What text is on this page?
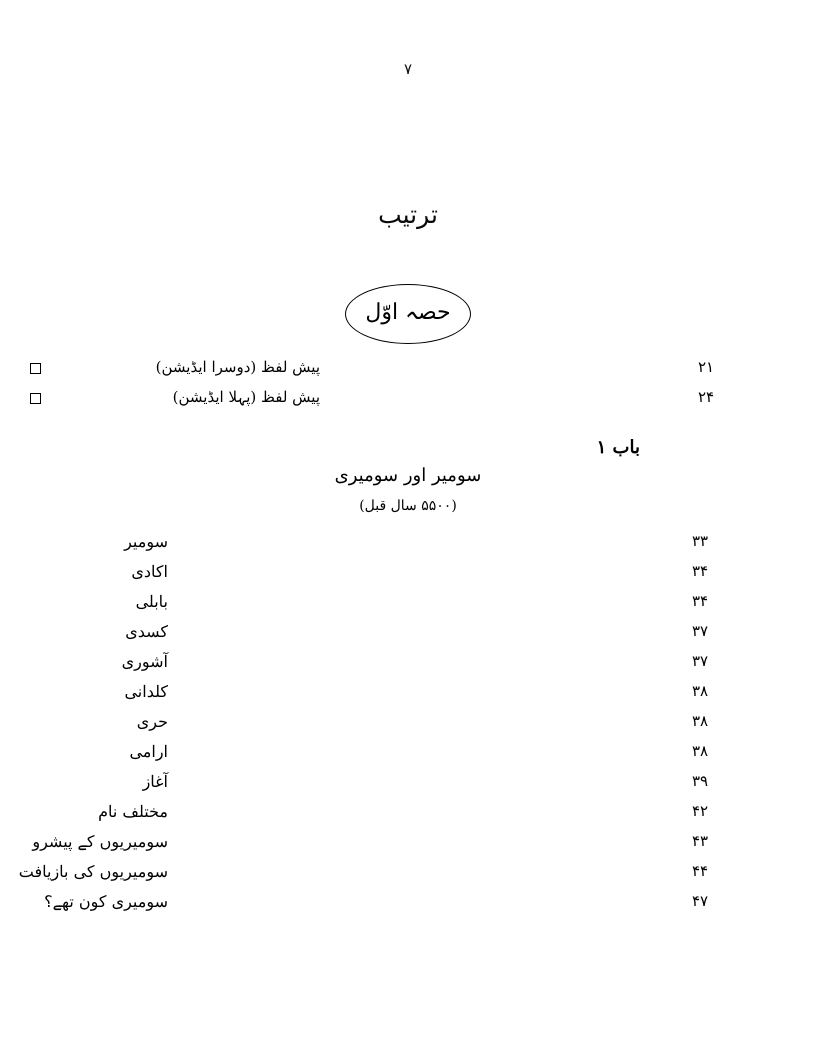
۷
ترتیب
حصہ اوّل
۲۱
پیش لفظ (دوسرا ایڈیشن)
۲۴
پیش لفظ (پہلا ایڈیشن)
باب ۱
سومیر اور سومیری
(۵۵۰۰ سال قبل)
۳۳
سومیر
۳۴
اکادی
۳۴
بابلی
۳۷
کسدی
۳۷
آشوری
۳۸
کلدانی
۳۸
حری
۳۸
ارامی
۳۹
آغاز
۴۲
مختلف نام
۴۳
سومیریوں کے پیشرو
۴۴
سومیریوں کی بازیافت
۴۷
سومیری کون تھے؟
